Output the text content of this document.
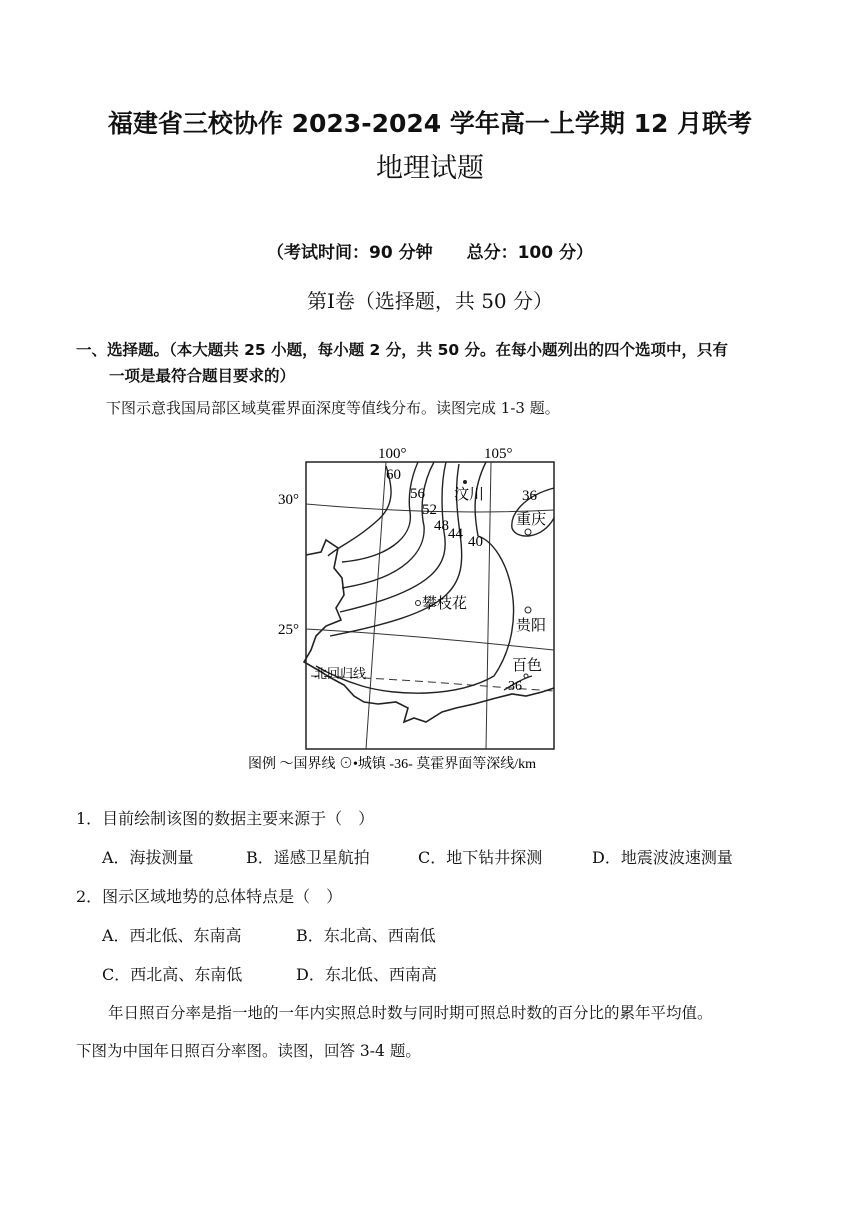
福建省三校协作 2023-2024 学年高一上学期 12 月联考
地理试题
（考试时间：90 分钟　　总分：100 分）
第Ⅰ卷（选择题，共 50 分）
一、选择题。（本大题共 25 小题，每小题 2 分，共 50 分。在每小题列出的四个选项中，只有
一项是最符合题目要求的）
下图示意我国局部区域莫霍界面深度等值线分布。读图完成 1-3 题。
60
56
52
48 44 40
36
36
100°	105°
30°
25°
汶川
重庆
攀枝花
贵阳
百色
北回归线
图例 ～国界线 ⊙•城镇 -36- 莫霍界面等深线/km
1．目前绘制该图的数据主要来源于（　）
A．海拔测量	B．遥感卫星航拍	C．地下钻井探测	D．地震波波速测量
2．图示区域地势的总体特点是（　）
A．西北低、东南高	B．东北高、西南低
C．西北高、东南低	D．东北低、西南高
年日照百分率是指一地的一年内实照总时数与同时期可照总时数的百分比的累年平均值。
下图为中国年日照百分率图。读图，回答 3-4 题。
